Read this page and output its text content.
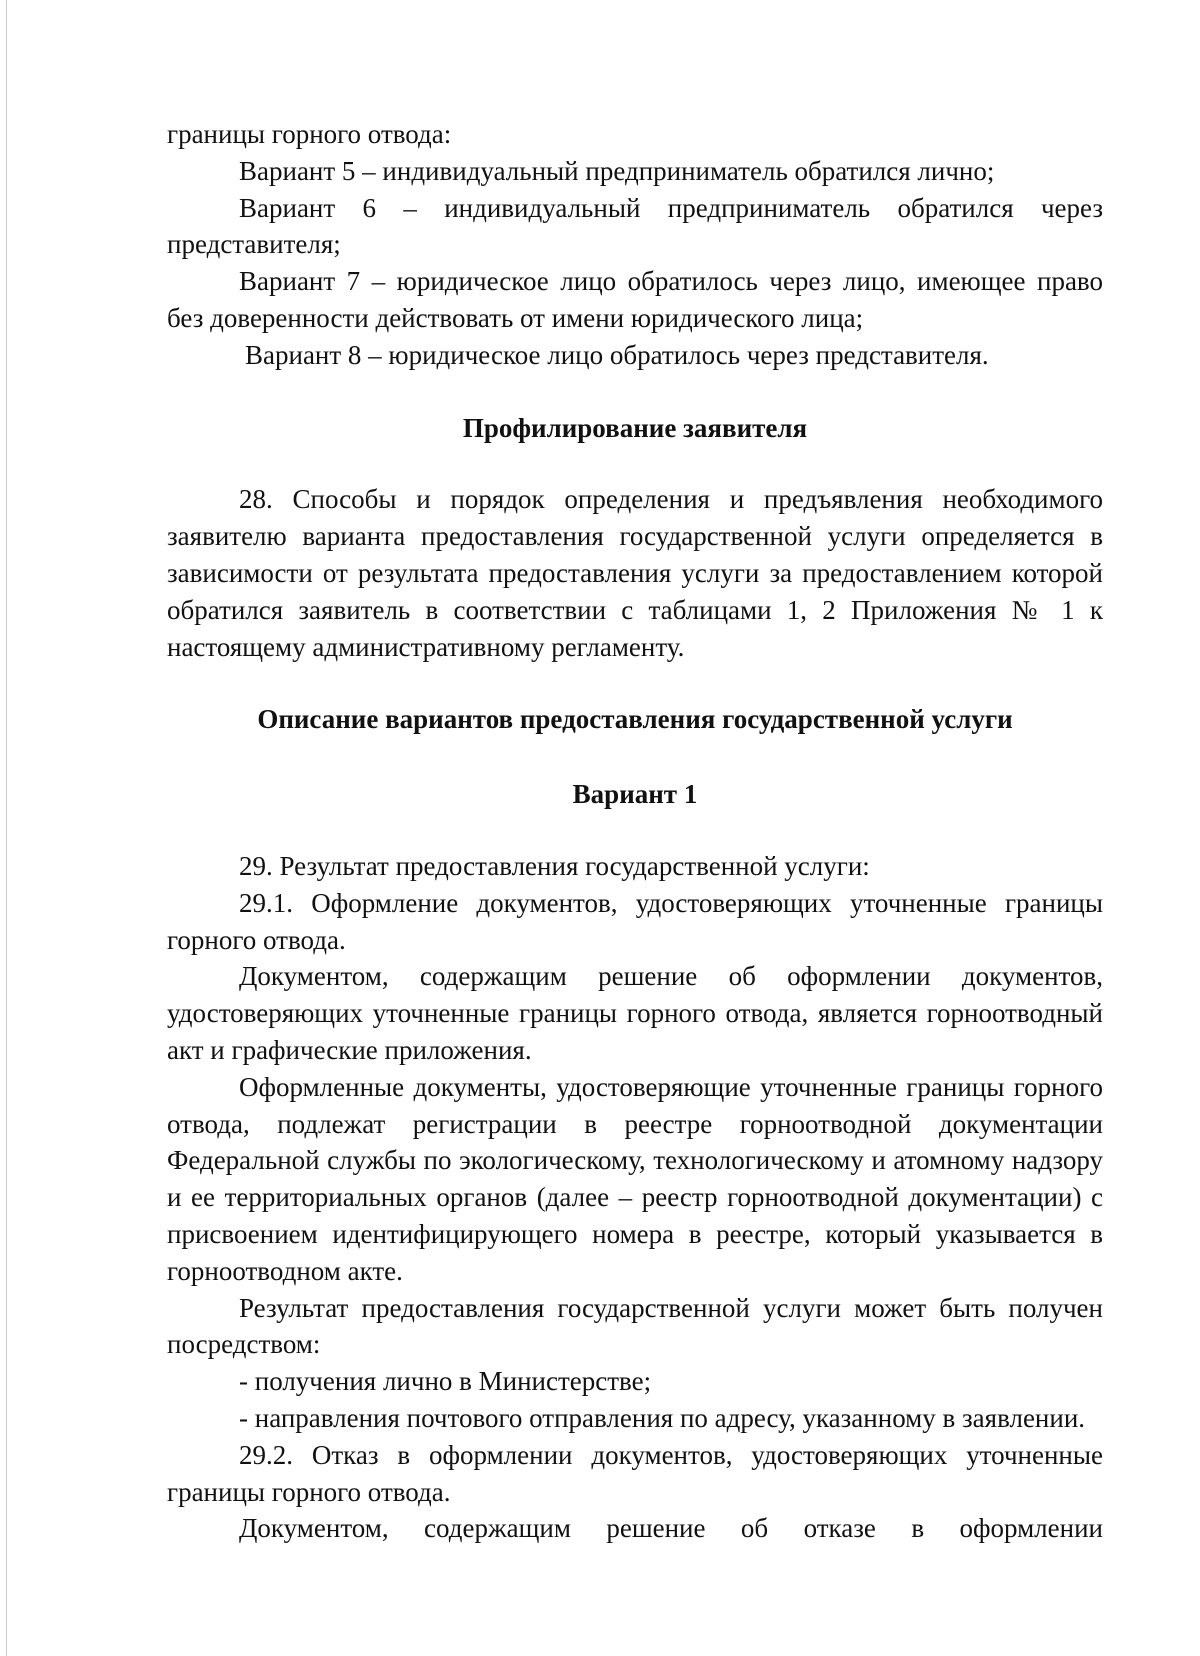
границы горного отвода:

Вариант 5 – индивидуальный предприниматель обратился лично;

Вариант 6 – индивидуальный предприниматель обратился через представителя;

Вариант 7 – юридическое лицо обратилось через лицо, имеющее право без доверенности действовать от имени юридического лица;

Вариант 8 – юридическое лицо обратилось через представителя.

Профилирование заявителя

28. Способы и порядок определения и предъявления необходимого заявителю варианта предоставления государственной услуги определяется в зависимости от результата предоставления услуги за предоставлением которой обратился заявитель в соответствии с таблицами 1, 2 Приложения № 1 к настоящему административному регламенту.

Описание вариантов предоставления государственной услуги
Вариант 1

29. Результат предоставления государственной услуги:

29.1. Оформление документов, удостоверяющих уточненные границы горного отвода.

Документом, содержащим решение об оформлении документов, удостоверяющих уточненные границы горного отвода, является горноотводный акт и графические приложения.

Оформленные документы, удостоверяющие уточненные границы горного отвода, подлежат регистрации в реестре горноотводной документации Федеральной службы по экологическому, технологическому и атомному надзору и ее территориальных органов (далее – реестр горноотводной документации) с присвоением идентифицирующего номера в реестре, который указывается в горноотводном акте.

Результат предоставления государственной услуги может быть получен посредством:

- получения лично в Министерстве;

- направления почтового отправления по адресу, указанному в заявлении.

29.2. Отказ в оформлении документов, удостоверяющих уточненные границы горного отвода.

Документом, содержащим решение об отказе в оформлении
